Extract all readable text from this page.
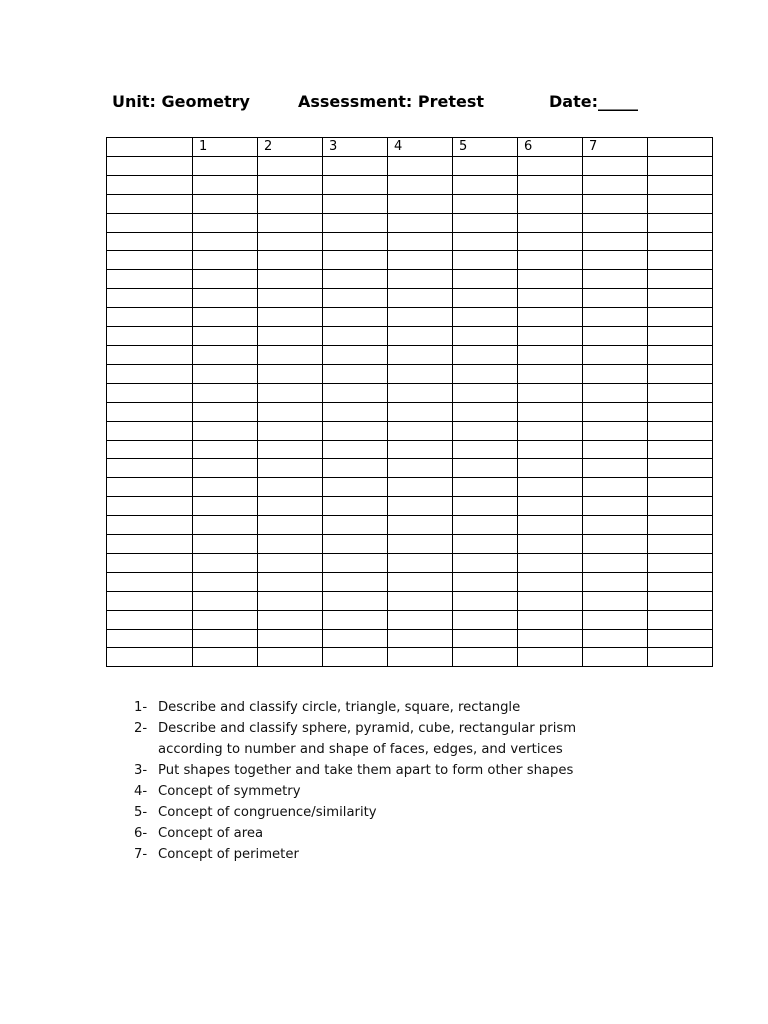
Unit: Geometry	Assessment: Pretest	Date:_____
	1	2	3	4	5	6	7	

1- Describe and classify circle, triangle, square, rectangle
2- Describe and classify sphere, pyramid, cube, rectangular prism
according to number and shape of faces, edges, and vertices
3- Put shapes together and take them apart to form other shapes
4- Concept of symmetry
5- Concept of congruence/similarity
6- Concept of area
7- Concept of perimeter
